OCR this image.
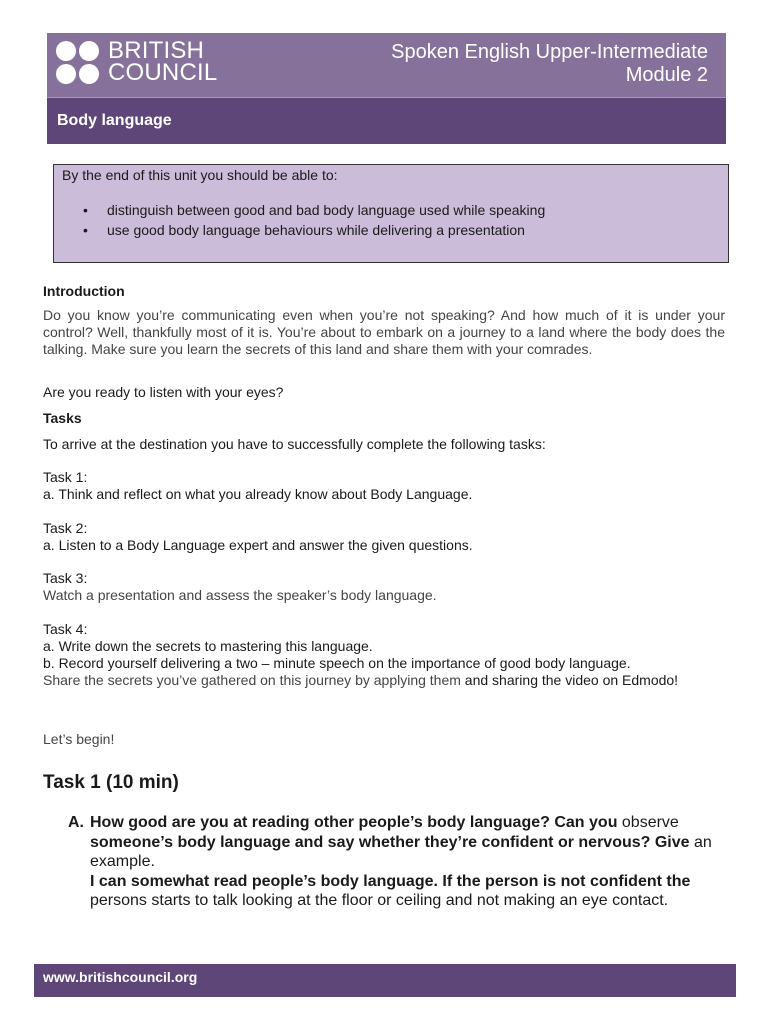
BRITISH
COUNCIL
Spoken English Upper-Intermediate
Module 2
Body language
By the end of this unit you should be able to:
• distinguish between good and bad body language used while speaking
• use good body language behaviours while delivering a presentation
Introduction

Do you know you’re communicating even when you’re not speaking? And how much of it is under your control? Well, thankfully most of it is. You’re about to embark on a journey to a land where the body does the talking. Make sure you learn the secrets of this land and share them with your comrades.

Are you ready to listen with your eyes?
Tasks
To arrive at the destination you have to successfully complete the following tasks:
Task 1:
a. Think and reflect on what you already know about Body Language.
Task 2:
a. Listen to a Body Language expert and answer the given questions.
Task 3:
Watch a presentation and assess the speaker’s body language.
Task 4:
a. Write down the secrets to mastering this language.
b. Record yourself delivering a two – minute speech on the importance of good body language.
Share the secrets you’ve gathered on this journey by applying them and sharing the video on Edmodo!
Let’s begin!
Task 1 (10 min)
A. How good are you at reading other people’s body language? Can you observe someone’s body language and say whether they’re confident or nervous? Give an example.
I can somewhat read people’s body language. If the person is not confident the persons starts to talk looking at the floor or ceiling and not making an eye contact.
www.britishcouncil.org
